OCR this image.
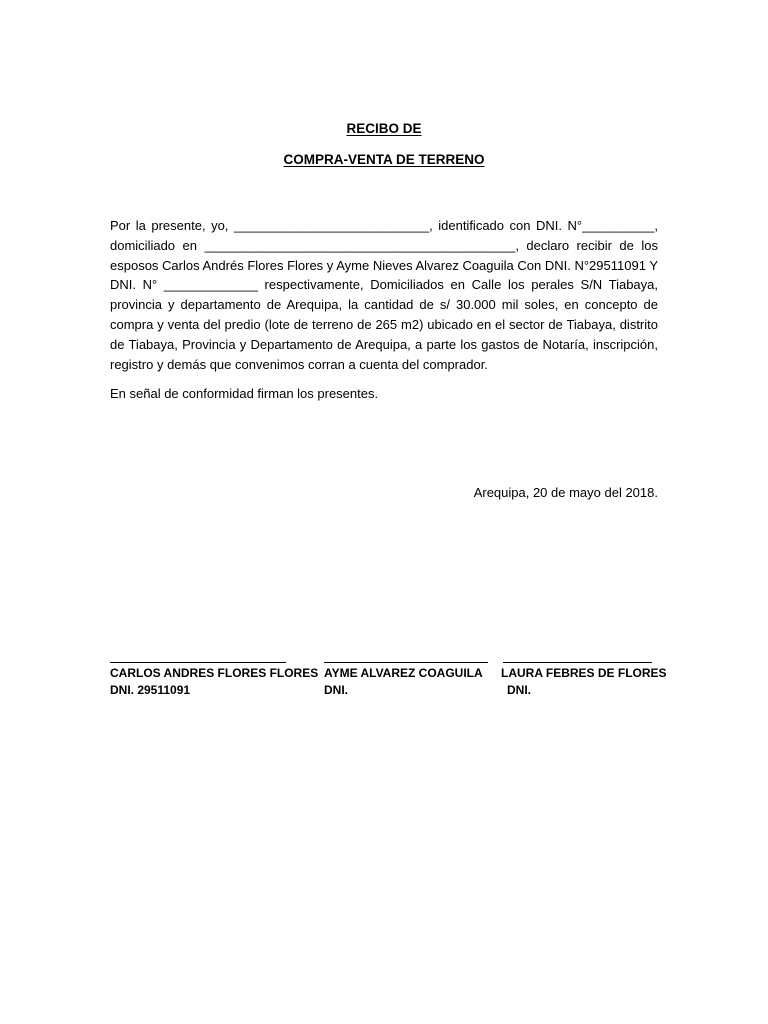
RECIBO DE
COMPRA-VENTA DE TERRENO

Por la presente, yo, ___________________________, identificado con DNI. N°__________, domiciliado en ___________________________________________, declaro recibir de los esposos Carlos Andrés Flores Flores y Ayme Nieves Alvarez Coaguila Con DNI. N°29511091 Y DNI. N° _____________ respectivamente, Domiciliados en Calle los perales S/N Tiabaya, provincia y departamento de Arequipa, la cantidad de s/ 30.000 mil soles, en concepto de compra y venta del predio (lote de terreno de 265 m2) ubicado en el sector de Tiabaya, distrito de Tiabaya, Provincia y Departamento de Arequipa, a parte los gastos de Notaría, inscripción, registro y demás que convenimos corran a cuenta del comprador.

En señal de conformidad firman los presentes.

Arequipa, 20 de mayo del 2018.
CARLOS ANDRES FLORES FLORES
DNI. 29511091
AYME ALVAREZ COAGUILA
DNI.
LAURA FEBRES DE FLORES
DNI.
